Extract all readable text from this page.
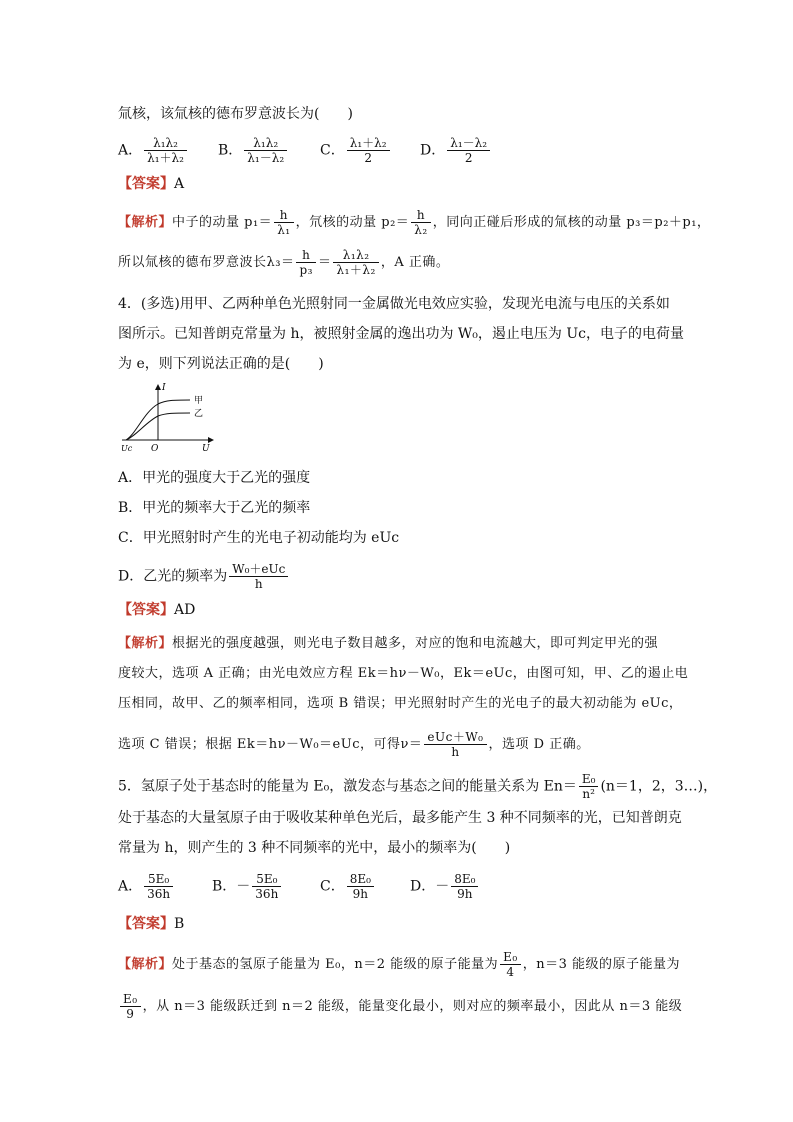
氚核，该氚核的德布罗意波长为(　　)
A． $\frac{\text{λ₁λ₂}}{\text{λ₁＋λ₂}}$ B． $\frac{\text{λ₁λ₂}}{\text{λ₁－λ₂}}$ C． $\frac{\text{λ₁＋λ₂}}{2}$ D． $\frac{\text{λ₁－λ₂}}{2}$
【答案】A
【解析】中子的动量 $p_1= \frac{h}{\text{λ₁}}$ ，氘核的动量 $p_2= \frac{h}{\text{λ₂}}$ ，同向正碰后形成的氚核的动量 p₃＝p₂＋p₁，
所以氚核的德布罗意波长$\lambda_3= \frac{h}{\text{p₃}} = \frac{\text{λ₁λ₂}}{\text{λ₁＋λ₂}}$ ，A 正确。
4．(多选)用甲、乙两种单色光照射同一金属做光电效应实验，发现光电流与电压的关系如
图所示。已知普朗克常量为 h，被照射金属的逸出功为 W₀，遏止电压为 Uc，电子的电荷量
为 e，则下列说法正确的是(　　)
I
U
O
Uc
甲
乙
A．甲光的强度大于乙光的强度
B．甲光的频率大于乙光的频率
C．甲光照射时产生的光电子初动能均为 eUc
D．乙光的频率为 $\frac{\text{W₀＋eUc}}{h}$
【答案】AD
【解析】根据光的强度越强，则光电子数目越多，对应的饱和电流越大，即可判定甲光的强
度较大，选项 A 正确；由光电效应方程 Ek＝hν－W₀，Ek＝eUc，由图可知，甲、乙的遏止电
压相同，故甲、乙的频率相同，选项 B 错误；甲光照射时产生的光电子的最大初动能为 eUc，
选项 C 错误；根据 Ek＝hν－W₀＝eUc，可得$\nu= \frac{\text{eUc＋W₀}}{h}$ ，选项 D 正确。
5．氢原子处于基态时的能量为 E₀，激发态与基态之间的能量关系为 $En= \frac{\text{E₀}}{\text{n²}} (n=1$，2，3…)，
处于基态的大量氢原子由于吸收某种单色光后，最多能产生 3 种不同频率的光，已知普朗克
常量为 h，则产生的 3 种不同频率的光中，最小的频率为(　　)
A． $\frac{\text{5E₀}}{36h}$	B．－ $\frac{\text{5E₀}}{36h}$	C． $\frac{\text{8E₀}}{9h}$	D．－ $\frac{\text{8E₀}}{9h}$
【答案】B
【解析】处于基态的氢原子能量为 E₀，n＝2 能级的原子能量为 $\frac{\text{E₀}}{4}$ ，n＝3 能级的原子能量为
$\frac{\text{E₀}}{9}$ ，从 n＝3 能级跃迁到 n＝2 能级，能量变化最小，则对应的频率最小，因此从 n＝3 能级
